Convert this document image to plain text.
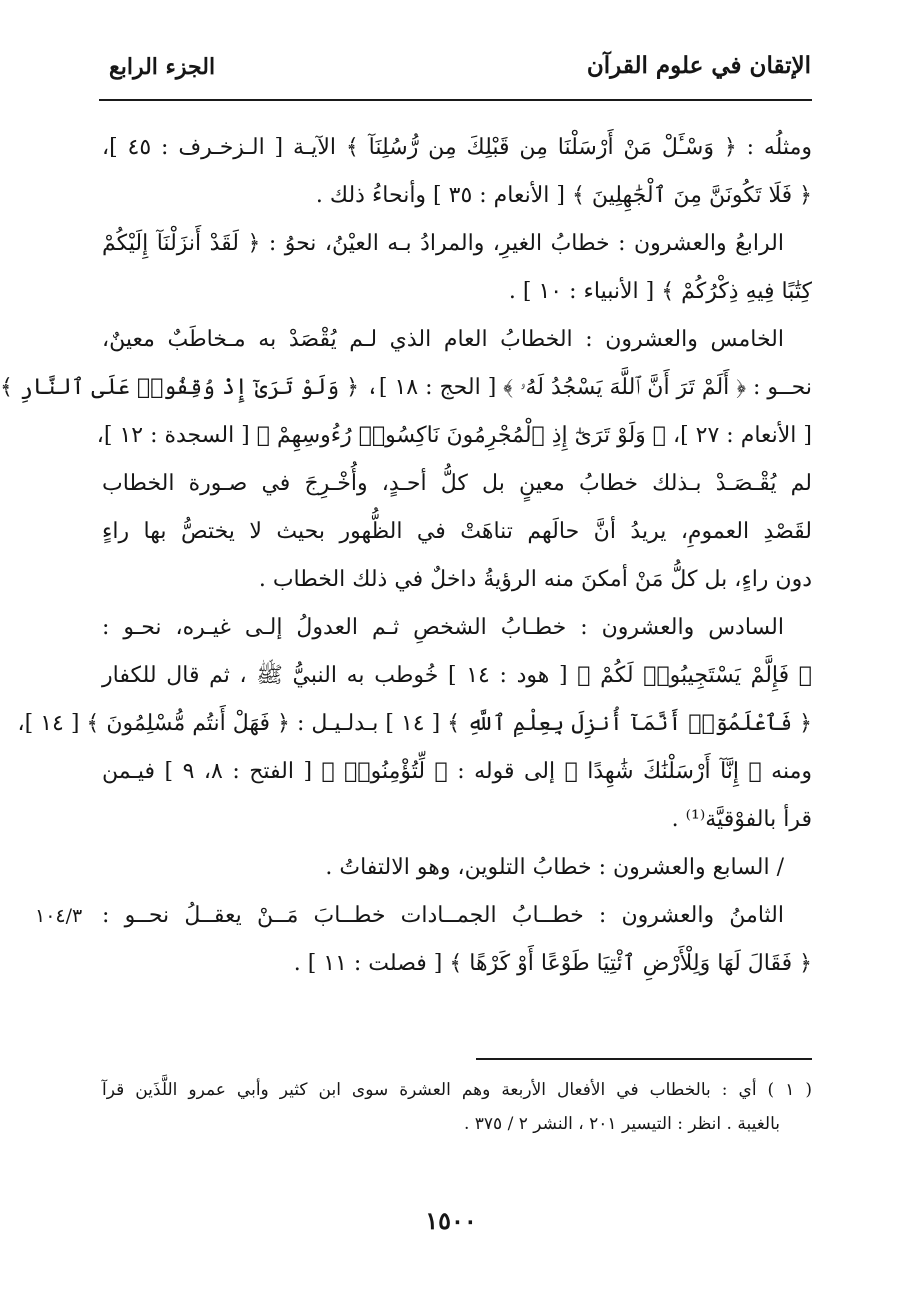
الإتقان في علوم القرآن
الجزء الرابع
ومثلُه : ﴿ وَسْـَٔلْ مَنْ أَرْسَلْنَا مِن قَبْلِكَ مِن رُّسُلِنَآ ﴾ الآيـة [ الـزخـرف : ٤٥ ]،
﴿ فَلَا تَكُونَنَّ مِنَ ٱلْجَٰهِلِينَ ﴾ [ الأنعام : ٣٥ ] وأنحاءُ ذلك .
الرابعُ والعشرون : خطابُ الغيرِ، والمرادُ بـه العيْنُ، نحوُ : ﴿ لَقَدْ أَنزَلْنَآ إِلَيْكُمْ
كِتَٰبًا فِيهِ ذِكْرُكُمْ ﴾ [ الأنبياء : ١٠ ] .
الخامس والعشرون : الخطابُ العام الذي لـم يُقْصَدْ به مـخاطَبٌ معينٌ،
نحــو : ﴿ أَلَمْ تَرَ أَنَّ ٱللَّهَ يَسْجُدُ لَهُۥ ﴾ [ الحج : ١٨ ]، ﴿ وَلَوْ تَرَىٰٓ إِذْ وُقِفُوا۟ عَلَى ٱلنَّارِ ﴾
[ الأنعام : ٢٧ ]، ﴿ وَلَوْ تَرَىٰٓ إِذِ ٱلْمُجْرِمُونَ نَاكِسُوا۟ رُءُوسِهِمْ ﴾ [ السجدة : ١٢ ]،
لم يُقْـصَـدْ بـذلك خطابُ معينٍ بل كلُّ أحـدٍ، وأُخْـرِجَ في صـورة الخطاب
لقَصْدِ العمومِ، يريدُ أنَّ حالَهم تناهَتْ في الظُّهور بحيث لا يختصُّ بها راءٍ
دون راءٍ، بل كلُّ مَنْ أمكنَ منه الرؤيةُ داخلٌ في ذلك الخطاب .
السادس والعشرون : خطـابُ الشخصِ ثـم العدولُ إلـى غيـره، نحـو :
﴿ فَإِلَّمْ يَسْتَجِيبُوا۟ لَكُمْ ﴾ [ هود : ١٤ ] خُوطب به النبيُّ ﷺ ، ثم قال للكفار
﴿ فَٱعْلَمُوٓا۟ أَنَّمَآ أُنزِلَ بِعِلْمِ ٱللَّهِ ﴾ [ ١٤ ] بـدلـيـل : ﴿ فَهَلْ أَنتُم مُّسْلِمُونَ ﴾ [ ١٤ ]،
ومنه ﴿ إِنَّآ أَرْسَلْنَٰكَ شَٰهِدًا ﴾ إلى قوله : ﴿ لِّتُؤْمِنُوا۟ ﴾ [ الفتح : ٨، ٩ ] فيـمن
قرأ بالفوْقيَّة⁽¹⁾ .
/ السابع والعشرون : خطابُ التلوين، وهو الالتفاتُ .
الثامنُ والعشرون : خطــابُ الجمــادات خطــابَ مَــنْ يعقــلُ نحــو :
﴿ فَقَالَ لَهَا وَلِلْأَرْضِ ٱئْتِيَا طَوْعًا أَوْ كَرْهًا ﴾ [ فصلت : ١١ ] .
١٠٤/٣
( ١ ) أي : بالخطاب في الأفعال الأربعة وهم العشرة سوى ابن كثير وأبي عمرو اللَّذَين قرآ
بالغيبة . انظر : التيسير ٢٠١ ، النشر ٢ / ٣٧٥ .
١٥٠٠
